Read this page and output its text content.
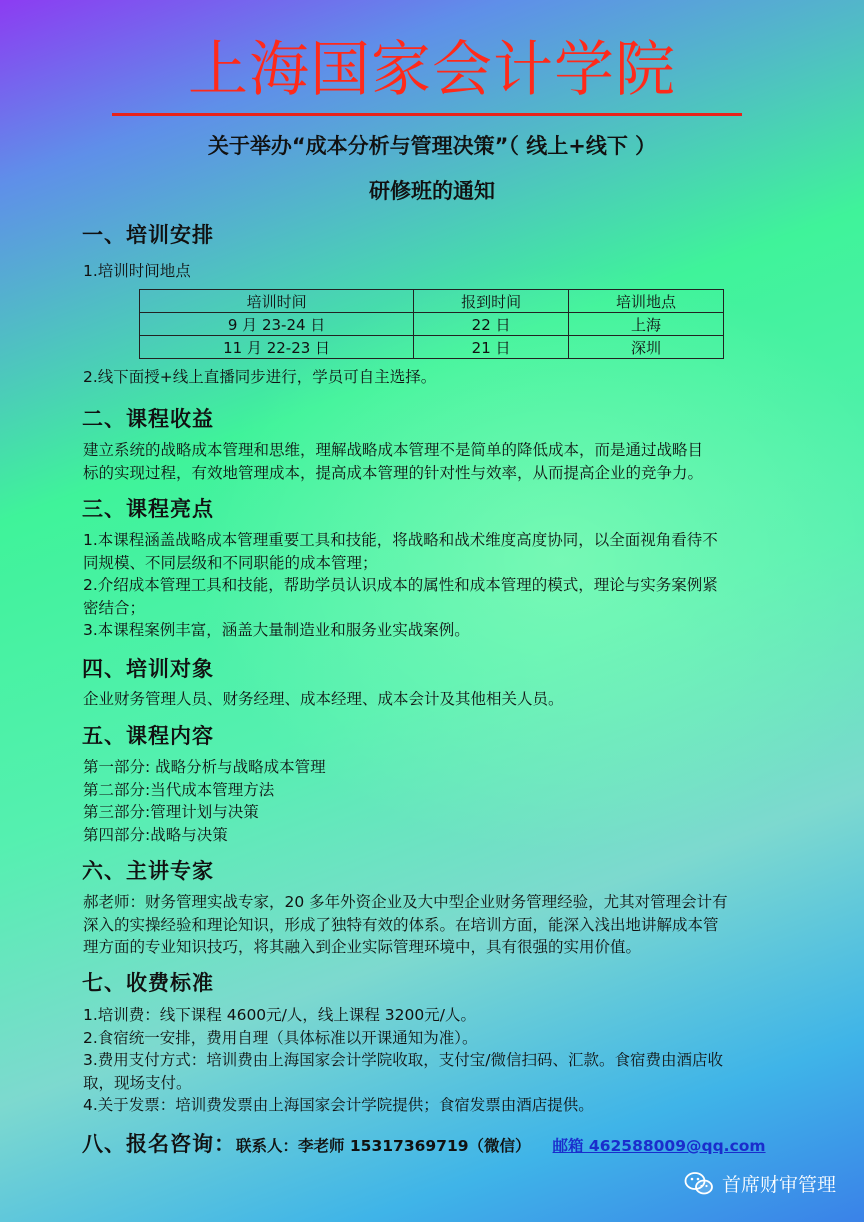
上海国家会计学院
关于举办“成本分析与管理决策”（ 线上+线下 ）
研修班的通知
一、培训安排
1.培训时间地点
培训时间	报到时间	培训地点
9 月 23-24 日	22 日	上海
11 月 22-23 日	21 日	深圳
2.线下面授+线上直播同步进行，学员可自主选择。
二、课程收益
建立系统的战略成本管理和思维，理解战略成本管理不是简单的降低成本，而是通过战略目
标的实现过程，有效地管理成本，提高成本管理的针对性与效率，从而提高企业的竞争力。
三、课程亮点
1.本课程涵盖战略成本管理重要工具和技能，将战略和战术维度高度协同，以全面视角看待不
同规模、不同层级和不同职能的成本管理；
2.介绍成本管理工具和技能，帮助学员认识成本的属性和成本管理的模式，理论与实务案例紧
密结合；
3.本课程案例丰富，涵盖大量制造业和服务业实战案例。
四、培训对象
企业财务管理人员、财务经理、成本经理、成本会计及其他相关人员。
五、课程内容
第一部分: 战略分析与战略成本管理
第二部分:当代成本管理方法
第三部分:管理计划与决策
第四部分:战略与决策
六、主讲专家
郝老师：财务管理实战专家，20 多年外资企业及大中型企业财务管理经验，尤其对管理会计有
深入的实操经验和理论知识，形成了独特有效的体系。在培训方面，能深入浅出地讲解成本管
理方面的专业知识技巧，将其融入到企业实际管理环境中，具有很强的实用价值。
七、收费标准
1.培训费：线下课程 4600元/人，线上课程 3200元/人。
2.食宿统一安排，费用自理（具体标准以开课通知为准）。
3.费用支付方式：培训费由上海国家会计学院收取，支付宝/微信扫码、汇款。食宿费由酒店收
取，现场支付。
4.关于发票：培训费发票由上海国家会计学院提供；食宿发票由酒店提供。
八、报名咨询：联系人：李老师 15317369719（微信） 邮箱 462588009@qq.com
首席财审管理
